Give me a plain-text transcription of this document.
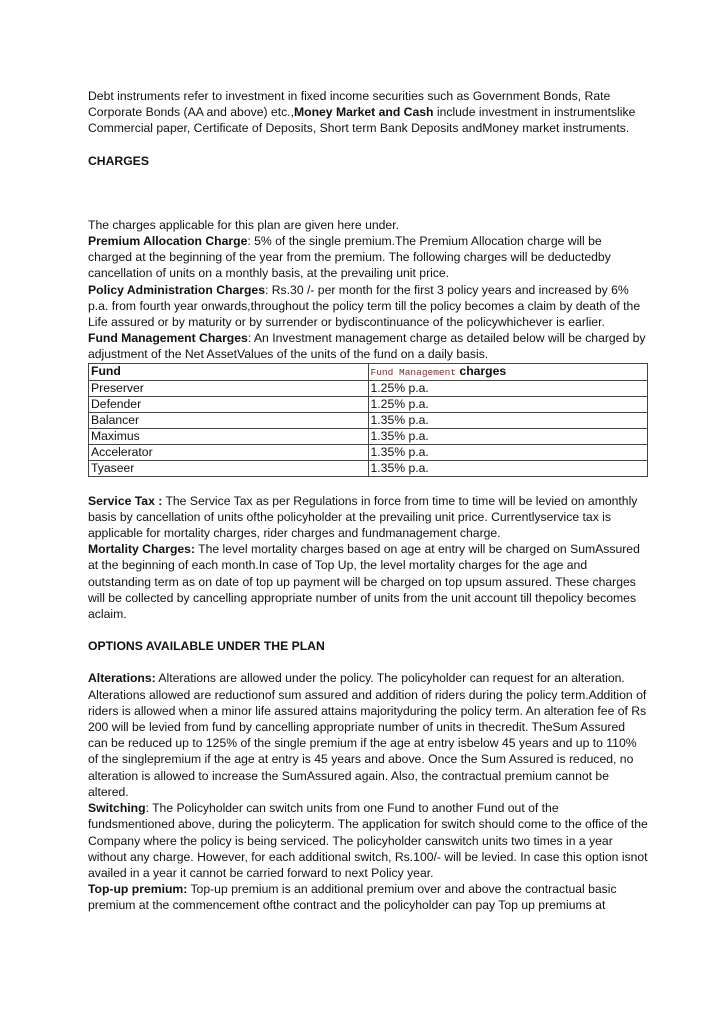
Debt instruments refer to investment in fixed income securities such as Government Bonds, Rate Corporate Bonds (AA and above) etc.,Money Market and Cash include investment in instrumentslike Commercial paper, Certificate of Deposits, Short term Bank Deposits andMoney market instruments.

CHARGES

The charges applicable for this plan are given here under.

Premium Allocation Charge: 5% of the single premium.The Premium Allocation charge will be charged at the beginning of the year from the premium. The following charges will be deductedby cancellation of units on a monthly basis, at the prevailing unit price.

Policy Administration Charges: Rs.30 /- per month for the first 3 policy years and increased by 6% p.a. from fourth year onwards,throughout the policy term till the policy becomes a claim by death of the Life assured or by maturity or by surrender or bydiscontinuance of the policywhichever is earlier.

Fund Management Charges: An Investment management charge as detailed below will be charged by adjustment of the Net AssetValues of the units of the fund on a daily basis.

Fund	Fund Management charges
Preserver	1.25% p.a.
Defender	1.25% p.a.
Balancer	1.35% p.a.
Maximus	1.35% p.a.
Accelerator	1.35% p.a.
Tyaseer	1.35% p.a.

Service Tax : The Service Tax as per Regulations in force from time to time will be levied on amonthly basis by cancellation of units ofthe policyholder at the prevailing unit price. Currentlyservice tax is applicable for mortality charges, rider charges and fundmanagement charge.

Mortality Charges: The level mortality charges based on age at entry will be charged on SumAssured at the beginning of each month.In case of Top Up, the level mortality charges for the age and outstanding term as on date of top up payment will be charged on top upsum assured. These charges will be collected by cancelling appropriate number of units from the unit account till thepolicy becomes aclaim.

OPTIONS AVAILABLE UNDER THE PLAN

Alterations: Alterations are allowed under the policy. The policyholder can request for an alteration. Alterations allowed are reductionof sum assured and addition of riders during the policy term.Addition of riders is allowed when a minor life assured attains majorityduring the policy term. An alteration fee of Rs 200 will be levied from fund by cancelling appropriate number of units in thecredit. TheSum Assured can be reduced up to 125% of the single premium if the age at entry isbelow 45 years and up to 110% of the singlepremium if the age at entry is 45 years and above. Once the Sum Assured is reduced, no alteration is allowed to increase the SumAssured again. Also, the contractual premium cannot be altered.

Switching: The Policyholder can switch units from one Fund to another Fund out of the fundsmentioned above, during the policyterm. The application for switch should come to the office of the Company where the policy is being serviced. The policyholder canswitch units two times in a year without any charge. However, for each additional switch, Rs.100/- will be levied. In case this option isnot availed in a year it cannot be carried forward to next Policy year.

Top-up premium: Top-up premium is an additional premium over and above the contractual basic premium at the commencement ofthe contract and the policyholder can pay Top up premiums at
